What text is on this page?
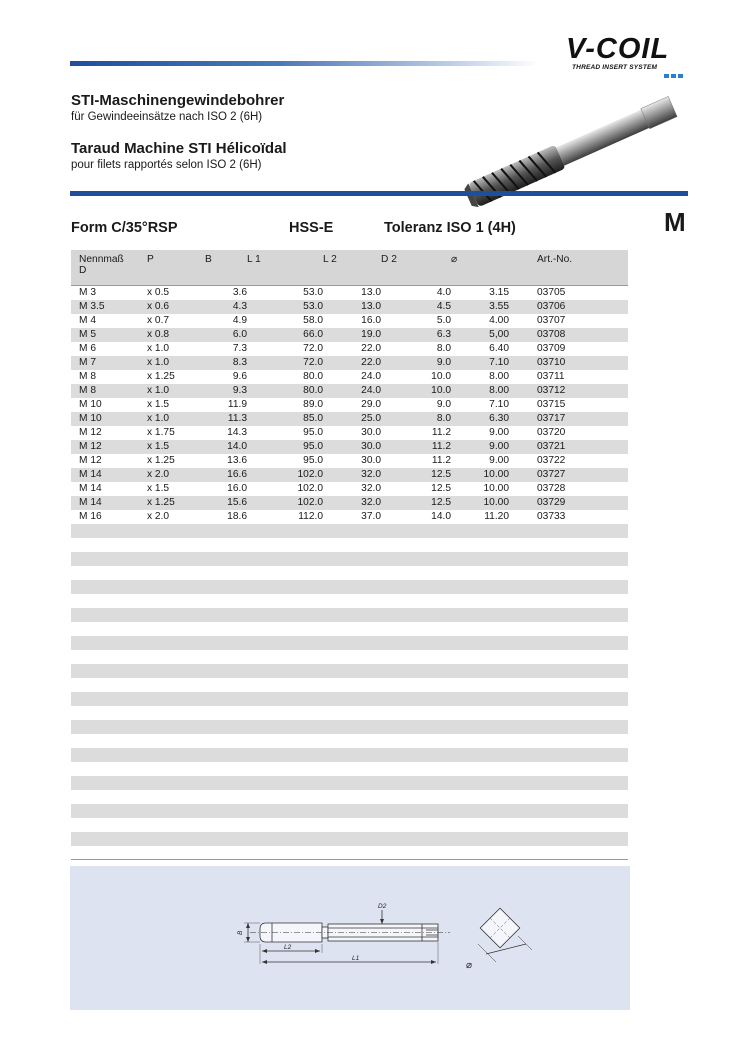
V-COIL
THREAD INSERT SYSTEM
STI-Maschinengewindebohrer
für Gewindeeinsätze nach ISO 2 (6H)
Taraud Machine STI Hélicoïdal
pour filets rapportés selon ISO 2 (6H)
Form C/35°RSP	HSS-E	Toleranz ISO 1 (4H)	M
Nennmaß
D	P	B	L 1	L 2	D 2	⌀		Art.-No.
M 3	x 0.5	3.6	53.0	13.0	4.0	3.15		03705
M 3.5	x 0.6	4.3	53.0	13.0	4.5	3.55		03706
M 4	x 0.7	4.9	58.0	16.0	5.0	4.00		03707
M 5	x 0.8	6.0	66.0	19.0	6.3	5,00		03708
M 6	x 1.0	7.3	72.0	22.0	8.0	6.40		03709
M 7	x 1.0	8.3	72.0	22.0	9.0	7.10		03710
M 8	x 1.25	9.6	80.0	24.0	10.0	8.00		03711
M 8	x 1.0	9.3	80.0	24.0	10.0	8.00		03712
M 10	x 1.5	11.9	89.0	29.0	9.0	7.10		03715
M 10	x 1.0	11.3	85.0	25.0	8.0	6.30		03717
M 12	x 1.75	14.3	95.0	30.0	11.2	9.00		03720
M 12	x 1.5	14.0	95.0	30.0	11.2	9.00		03721
M 12	x 1.25	13.6	95.0	30.0	11.2	9.00		03722
M 14	x 2.0	16.6	102.0	32.0	12.5	10.00		03727
M 14	x 1.5	16.0	102.0	32.0	12.5	10.00		03728
M 14	x 1.25	15.6	102.0	32.0	12.5	10.00		03729
M 16	x 2.0	18.6	112.0	37.0	14.0	11.20		03733

B
D2
L2
L1
⌀
